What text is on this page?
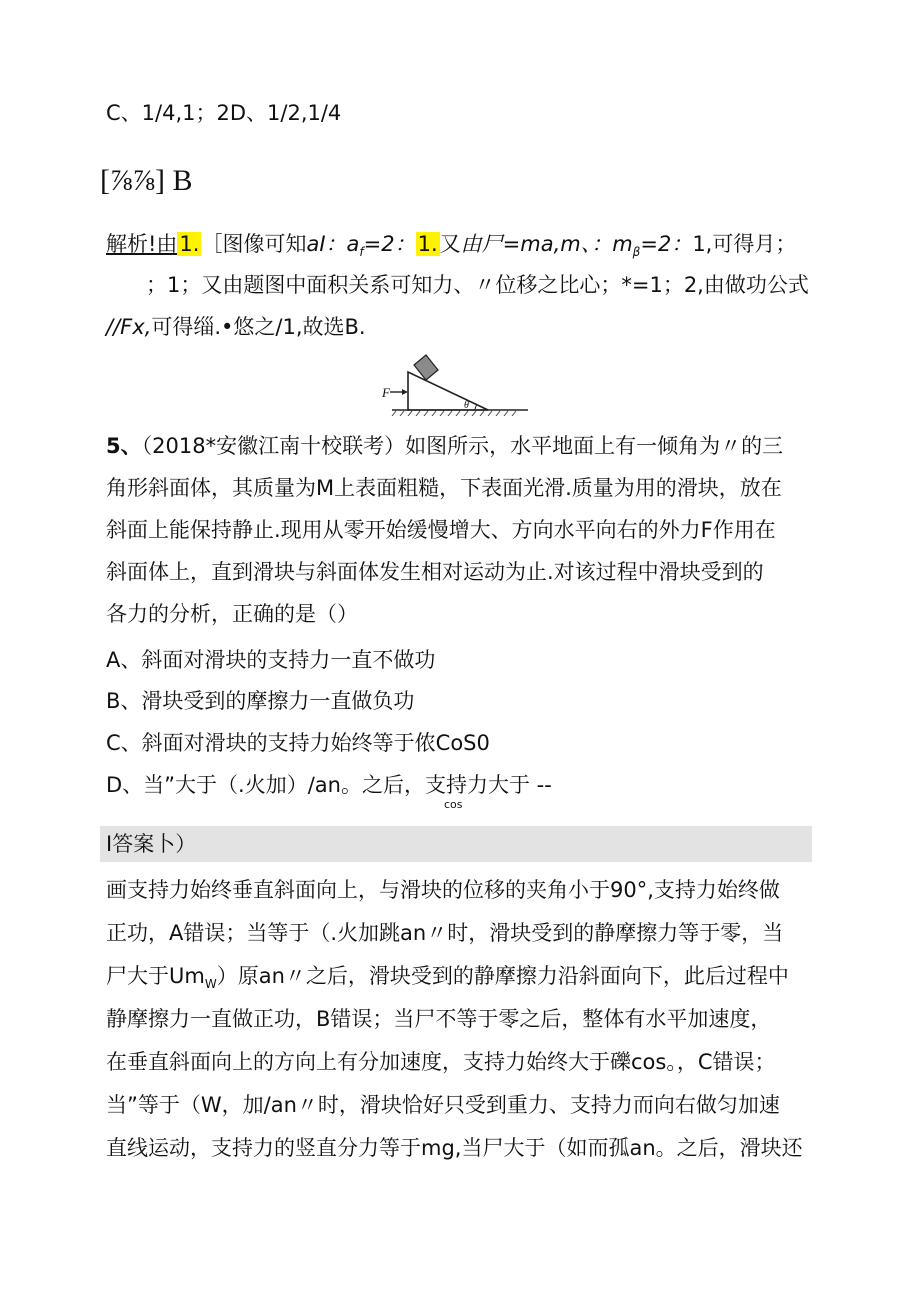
C、1/4,1；2D、1/2,1/4
[⅞⅞] B
解析!由1.［图像可知aI：$a_f=2$：1.又由尸=ma,m、：$m_\beta=2$：1,可得月；
；1；又由题图中面积关系可知力、〃位移之比心；*=1；2,由做功公式
//Fx,可得缁.•悠之/1,故选B.
F
θ
5、（2018*安徽江南十校联考）如图所示，水平地面上有一倾角为〃的三
角形斜面体，其质量为M上表面粗糙，下表面光滑.质量为用的滑块，放在
斜面上能保持静止.现用从零开始缓慢增大、方向水平向右的外力F作用在
斜面体上，直到滑块与斜面体发生相对运动为止.对该过程中滑块受到的
各力的分析，正确的是（）
A、斜面对滑块的支持力一直不做功
B、滑块受到的摩擦力一直做负功
C、斜面对滑块的支持力始终等于侬CoS0
D、当”大于（.火加）∕an。之后，支持力大于 --
cos
I答案卜）
画支持力始终垂直斜面向上，与滑块的位移的夹角小于90°,支持力始终做
正功，A错误；当等于（.火加跳an〃时，滑块受到的静摩擦力等于零，当
尸大于$Um_W$）原an〃之后，滑块受到的静摩擦力沿斜面向下，此后过程中
静摩擦力一直做正功，B错误；当尸不等于零之后，整体有水平加速度，
在垂直斜面向上的方向上有分加速度，支持力始终大于礫cos。，C错误；
当”等于（W，加/an〃时，滑块恰好只受到重力、支持力而向右做匀加速
直线运动，支持力的竖直分力等于mg,当尸大于（如而孤an。之后，滑块还
